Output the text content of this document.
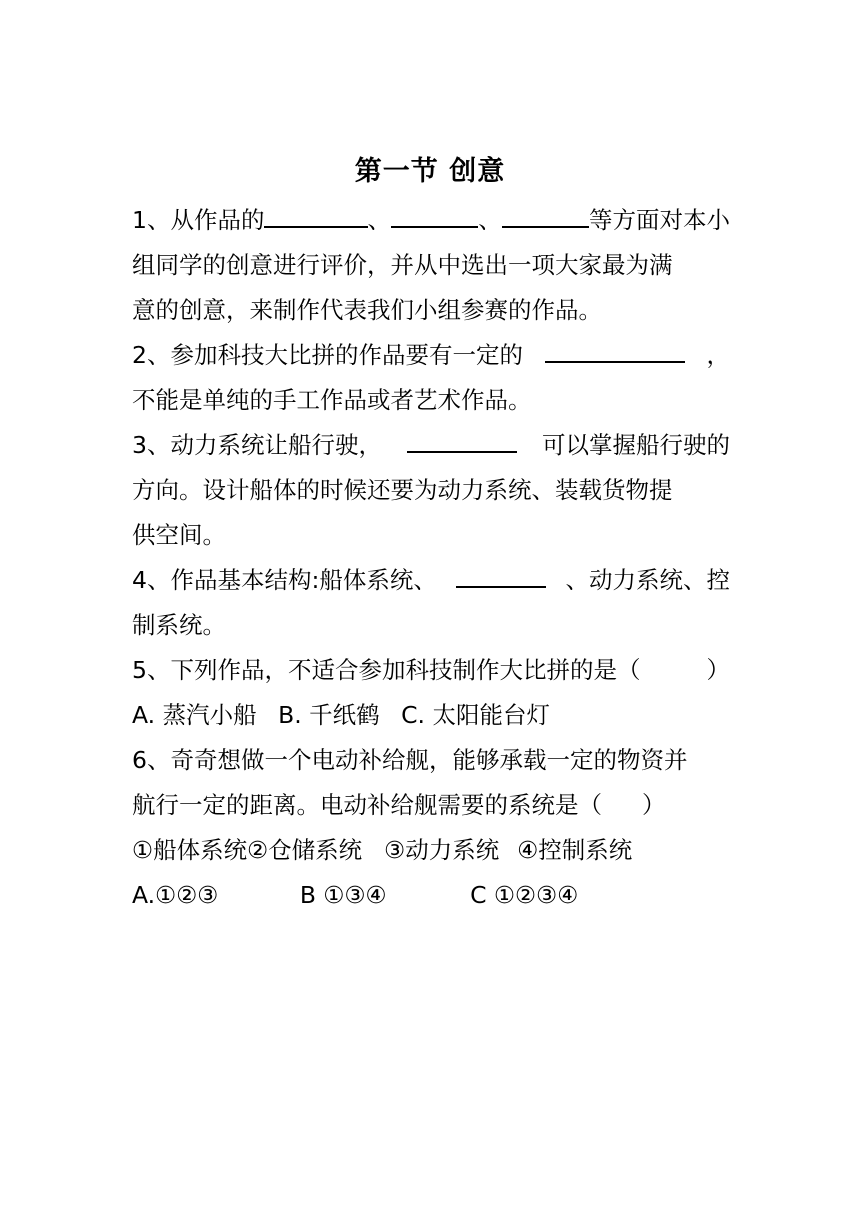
第一节 创意
1、从作品的	、	、	等方面对本小
组同学的创意进行评价，并从中选出一项大家最为满
意的创意，来制作代表我们小组参赛的作品。
2、参加科技大比拼的作品要有一定的	，
不能是单纯的手工作品或者艺术作品。
3、动力系统让船行驶，	可以掌握船行驶的
方向。设计船体的时候还要为动力系统、装载货物提
供空间。
4、作品基本结构:船体系统、	、动力系统、控
制系统。
5、下列作品，不适合参加科技制作大比拼的是（	）
A. 蒸汽小船 B. 千纸鹤 C. 太阳能台灯
6、奇奇想做一个电动补给舰，能够承载一定的物资并
航行一定的距离。电动补给舰需要的系统是（ ）
①船体系统②仓储系统 ③动力系统 ④控制系统
A.①②③	B ①③④	C ①②③④
